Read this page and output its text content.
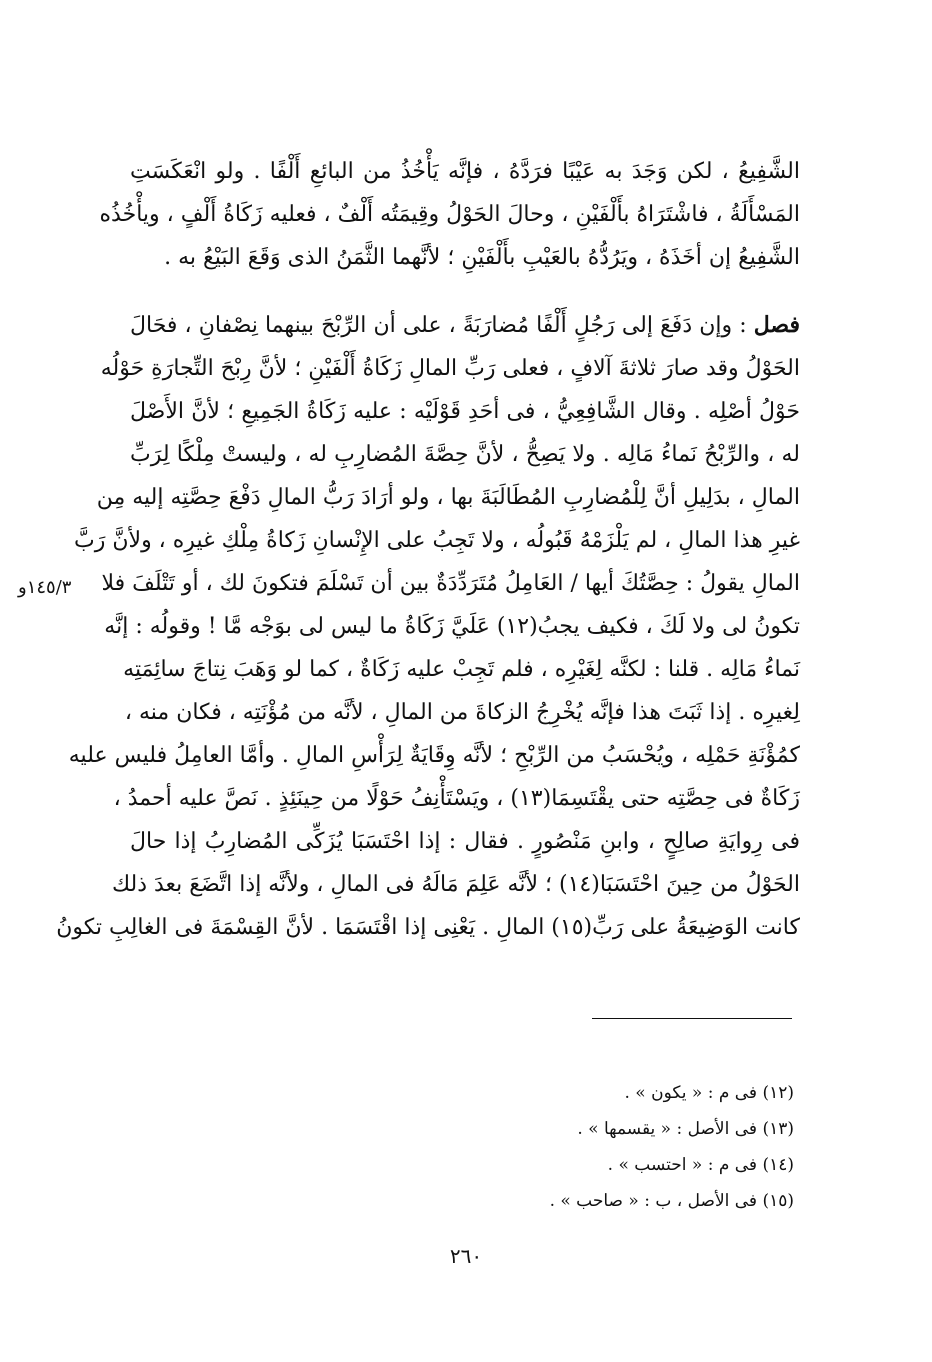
الشَّفِيعُ ، لكن وَجَدَ به عَيْبًا فرَدَّهُ ، فإنَّه يَأْخُذُ من البائعِ أَلْفًا . ولو انْعَكَسَتِ
المَسْأَلَةُ ، فاشْتَرَاهُ بأَلْفَيْنِ ، وحالَ الحَوْلُ وقِيمَتُه أَلْفٌ ، فعليه زَكَاةُ أَلْفٍ ، ويأْخُذُه
الشَّفِيعُ إن أخَذَهُ ، ويَرُدُّهُ بالعَيْبِ بأَلْفَيْنِ ؛ لأنَّهما الثَّمَنُ الذى وَقَعَ البَيْعُ به .
فصل : وإن دَفَعَ إلى رَجُلٍ أَلْفًا مُضارَبَةً ، على أن الرِّبْحَ بينهما نِصْفانِ ، فحَالَ
الحَوْلُ وقد صارَ ثلاثةَ آلافٍ ، فعلى رَبِّ المالِ زَكَاةُ أَلْفَيْنِ ؛ لأنَّ رِبْحَ التِّجارَةِ حَوْلُه
حَوْلُ أصْلِه . وقال الشَّافِعِيُّ ، فى أحَدِ قَوْلَيْه : عليه زَكَاةُ الجَمِيعِ ؛ لأنَّ الأَصْلَ
له ، والرِّبْحُ نَماءُ مَالِه . ولا يَصِحُّ ، لأنَّ حِصَّةَ المُضارِبِ له ، وليستْ مِلْكًا لِرَبِّ
المالِ ، بدَلِيلِ أنَّ لِلْمُضارِبِ المُطَالَبَةَ بها ، ولو أرَادَ رَبُّ المالِ دَفْعَ حِصَّتِه إليه مِن
غيرِ هذا المالِ ، لم يَلْزَمْهُ قَبُولُه ، ولا تَجِبُ على الإِنْسانِ زَكاةُ مِلْكِ غيرِه ، ولأنَّ رَبَّ
المالِ يقولُ : حِصَّتُكَ أيها / العَامِلُ مُتَرَدِّدَةٌ بين أن تَسْلَمَ فتكونَ لك ، أو تَتْلَفَ فلا
تكونُ لى ولا لَكَ ، فكيف يجبُ(١٢) عَلَيَّ زَكَاةُ ما ليس لى بوَجْه مَّا ! وقولُه : إنَّه
نَماءُ مَالِه . قلنا : لكنَّه لِغَيْرِه ، فلم تَجِبْ عليه زَكَاةٌ ، كما لو وَهَبَ نِتاجَ سائِمَتِه
لِغيرِه . إذا ثَبَتَ هذا فإنَّه يُخْرِجُ الزكاةَ من المالِ ، لأنَّه من مُؤْنَتِه ، فكان منه ،
كمُؤْنَةِ حَمْلِه ، ويُحْسَبُ من الرِّبْحِ ؛ لأنَّه وِقَايَةٌ لِرَأْسِ المالِ . وأمَّا العامِلُ فليس عليه
زَكَاةٌ فى حِصَّتِه حتى يقْتَسِمَا(١٣) ، ويَسْتَأْنِفُ حَوْلًا من حِينَئِذٍ . نَصَّ عليه أحمدُ ،
فى رِوايَةِ صالِحٍ ، وابنِ مَنْصُورٍ . فقال : إذا احْتَسَبَا يُزَكِّى المُضارِبُ إذا حالَ
الحَوْلُ من حِينَ احْتَسَبَا(١٤) ؛ لأنَّه عَلِمَ مَالَهُ فى المالِ ، ولأنَّه إذا اتَّضَعَ بعدَ ذلك
كانت الوَضِيعَةُ على رَبِّ(١٥) المالِ . يَعْنِى إذا اقْتَسَمَا . لأنَّ القِسْمَةَ فى الغالِبِ تكونُ
١٤٥/٣و
(١٢) فى م : « يكون » .
(١٣) فى الأصل : « يقسمها » .
(١٤) فى م : « احتسب » .
(١٥) فى الأصل ، ب : « صاحب » .
٢٦٠
